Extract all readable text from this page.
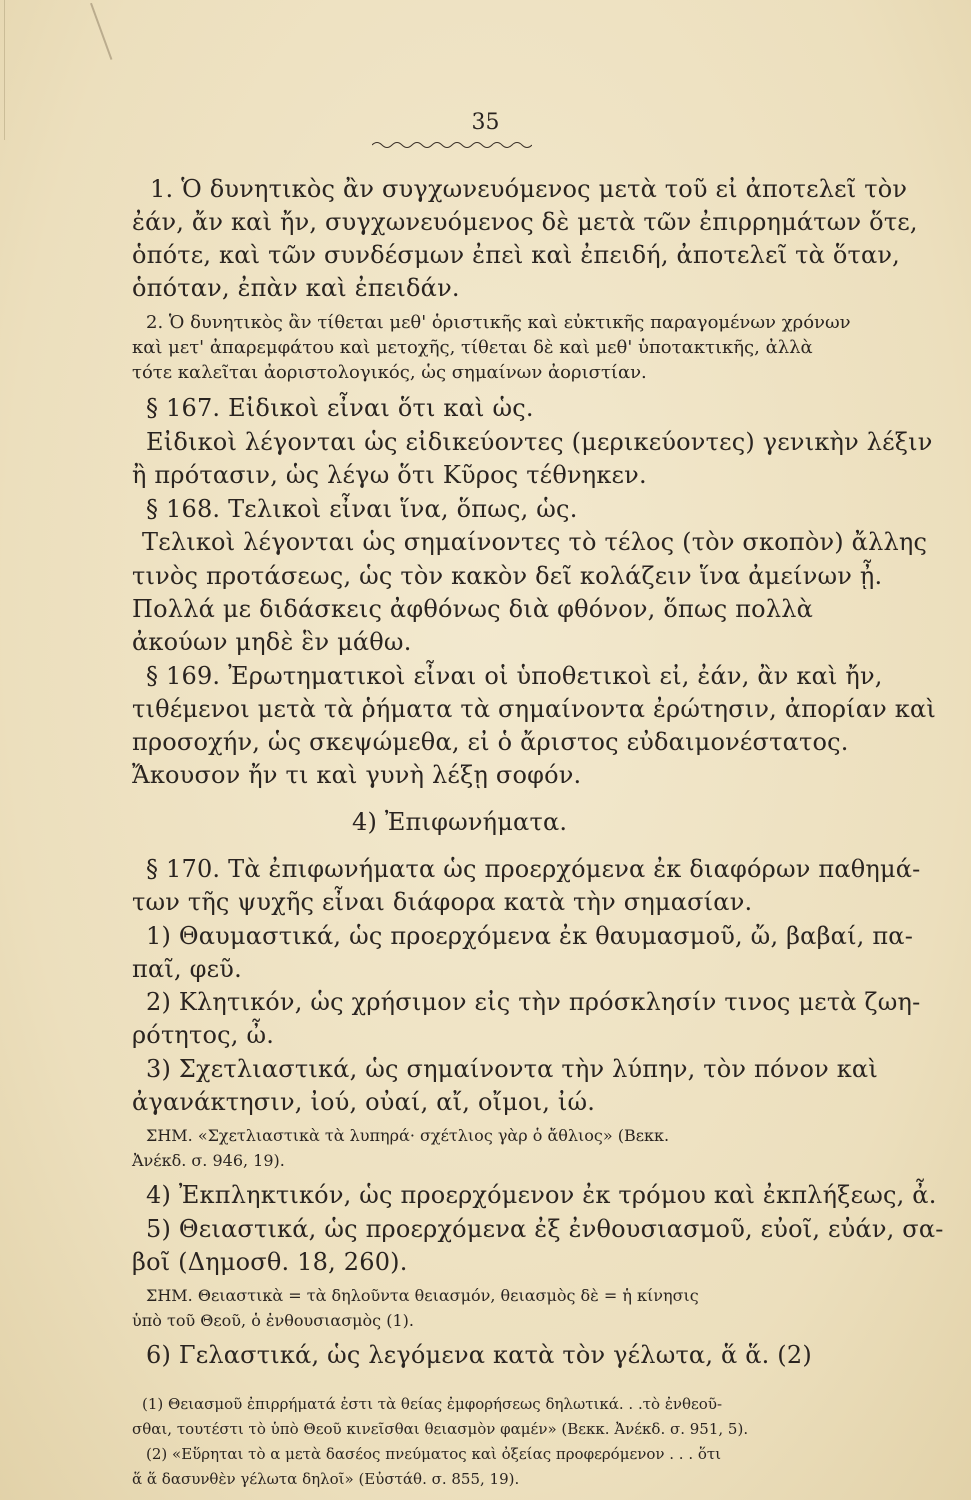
35
1. Ὁ δυνητικὸς ἂν συγχωνευόμενος μετὰ τοῦ εἰ ἀποτελεῖ τὸν
ἐάν, ἄν καὶ ἤν, συγχωνευόμενος δὲ μετὰ τῶν ἐπιρρημάτων ὅτε,
ὁπότε, καὶ τῶν συνδέσμων ἐπεὶ καὶ ἐπειδή, ἀποτελεῖ τὰ ὅταν,
ὁπόταν, ἐπὰν καὶ ἐπειδάν.
2. Ὁ δυνητικὸς ἂν τίθεται μεθ' ὁριστικῆς καὶ εὐκτικῆς παραγομένων χρόνων
καὶ μετ' ἀπαρεμφάτου καὶ μετοχῆς, τίθεται δὲ καὶ μεθ' ὑποτακτικῆς, ἀλλὰ
τότε καλεῖται ἀοριστολογικός, ὡς σημαίνων ἀοριστίαν.
§ 167. Εἰδικοὶ εἶναι ὅτι καὶ ὡς.
Εἰδικοὶ λέγονται ὡς εἰδικεύοντες (μερικεύοντες) γενικὴν λέξιν
ἢ πρότασιν, ὡς λέγω ὅτι Κῦρος τέθνηκεν.
§ 168. Τελικοὶ εἶναι ἵνα, ὅπως, ὡς.
Τελικοὶ λέγονται ὡς σημαίνοντες τὸ τέλος (τὸν σκοπὸν) ἄλλης
τινὸς προτάσεως, ὡς τὸν κακὸν δεῖ κολάζειν ἵνα ἀμείνων ᾖ.
Πολλά με διδάσκεις ἀφθόνως διὰ φθόνον, ὅπως πολλὰ
ἀκούων μηδὲ ἓν μάθω.
§ 169. Ἐρωτηματικοὶ εἶναι οἱ ὑποθετικοὶ εἰ, ἐάν, ἂν καὶ ἤν,
τιθέμενοι μετὰ τὰ ῥήματα τὰ σημαίνοντα ἐρώτησιν, ἀπορίαν καὶ
προσοχήν, ὡς σκεψώμεθα, εἰ ὁ ἄριστος εὐδαιμονέστατος.
Ἄκουσον ἤν τι καὶ γυνὴ λέξῃ σοφόν.
4) Ἐπιφωνήματα.
§ 170. Τὰ ἐπιφωνήματα ὡς προερχόμενα ἐκ διαφόρων παθημά-
των τῆς ψυχῆς εἶναι διάφορα κατὰ τὴν σημασίαν.
1) Θαυμαστικά, ὡς προερχόμενα ἐκ θαυμασμοῦ, ὤ, βαβαί, πα-
παῖ, φεῦ.
2) Κλητικόν, ὡς χρήσιμον εἰς τὴν πρόσκλησίν τινος μετὰ ζωη-
ρότητος, ὦ.
3) Σχετλιαστικά, ὡς σημαίνοντα τὴν λύπην, τὸν πόνον καὶ
ἀγανάκτησιν, ἰού, οὐαί, αἴ, οἴμοι, ἰώ.
ΣΗΜ. «Σχετλιαστικὰ τὰ λυπηρά· σχέτλιος γὰρ ὁ ἄθλιος» (Βεκκ.
Ἀνέκδ. σ. 946, 19).
4) Ἐκπληκτικόν, ὡς προερχόμενον ἐκ τρόμου καὶ ἐκπλήξεως, ἆ.
5) Θειαστικά, ὡς προερχόμενα ἐξ ἐνθουσιασμοῦ, εὐοῖ, εὐάν, σα-
βοῖ (Δημοσθ. 18, 260).
ΣΗΜ. Θειαστικὰ = τὰ δηλοῦντα θειασμόν, θειασμὸς δὲ = ἡ κίνησις
ὑπὸ τοῦ Θεοῦ, ὁ ἐνθουσιασμὸς (1).
6) Γελαστικά, ὡς λεγόμενα κατὰ τὸν γέλωτα, ἅ ἅ. (2)
(1) Θειασμοῦ ἐπιρρήματά ἐστι τὰ θείας ἐμφορήσεως δηλωτικά. . .τὸ ἐνθεοῦ-
σθαι, τουτέστι τὸ ὑπὸ Θεοῦ κινεῖσθαι θειασμὸν φαμέν» (Βεκκ. Ἀνέκδ. σ. 951, 5).
(2) «Εὕρηται τὸ α μετὰ δασέος πνεύματος καὶ ὀξείας προφερόμενον . . . ὅτι
ἅ ἅ δασυνθὲν γέλωτα δηλοῖ» (Εὐστάθ. σ. 855, 19).
